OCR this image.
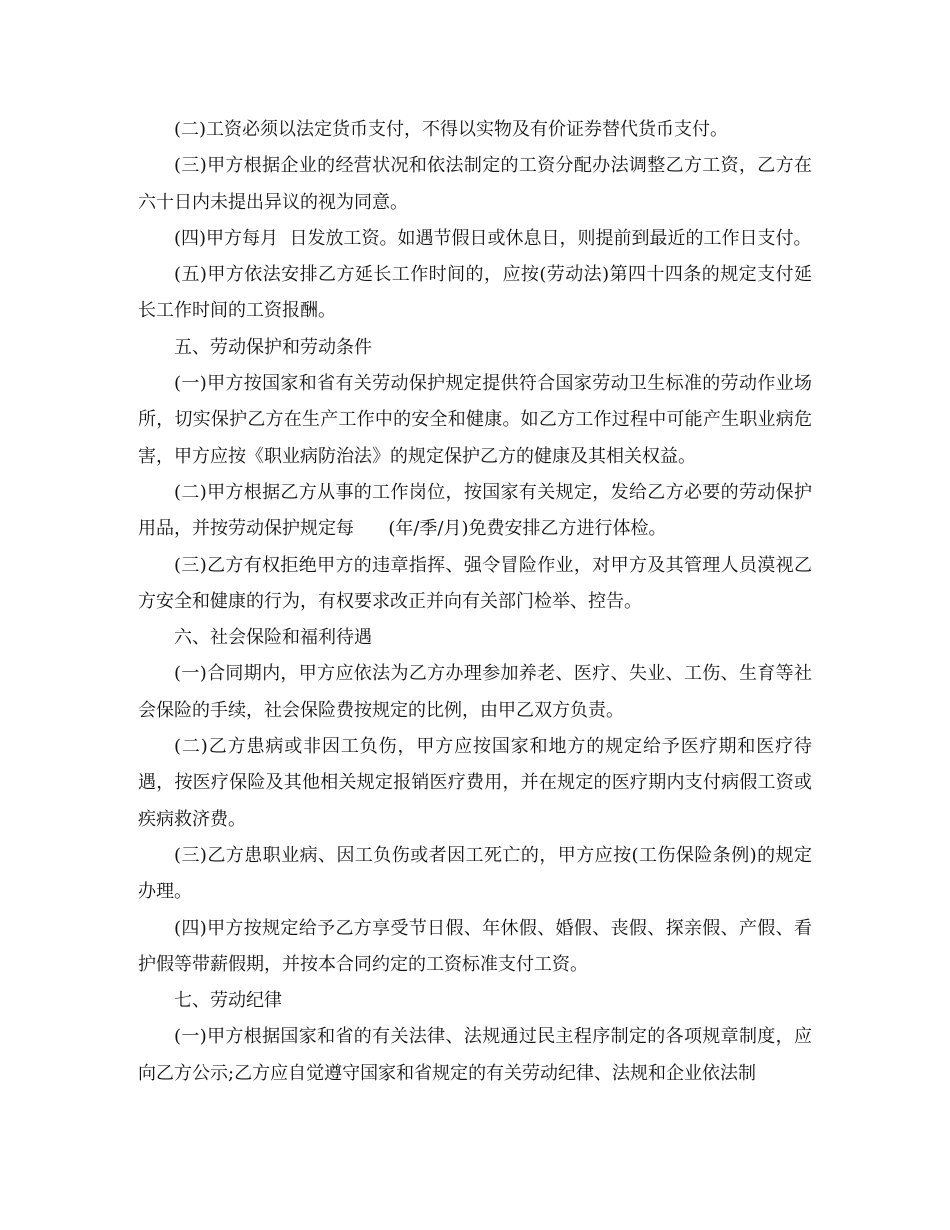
(二)工资必须以法定货币支付，不得以实物及有价证券替代货币支付。

(三)甲方根据企业的经营状况和依法制定的工资分配办法调整乙方工资，乙方在六十日内未提出异议的视为同意。

(四)甲方每月  日发放工资。如遇节假日或休息日，则提前到最近的工作日支付。

(五)甲方依法安排乙方延长工作时间的，应按(劳动法)第四十四条的规定支付延长工作时间的工资报酬。

五、劳动保护和劳动条件

(一)甲方按国家和省有关劳动保护规定提供符合国家劳动卫生标准的劳动作业场所，切实保护乙方在生产工作中的安全和健康。如乙方工作过程中可能产生职业病危害，甲方应按《职业病防治法》的规定保护乙方的健康及其相关权益。

(二)甲方根据乙方从事的工作岗位，按国家有关规定，发给乙方必要的劳动保护用品，并按劳动保护规定每      (年/季/月)免费安排乙方进行体检。

(三)乙方有权拒绝甲方的违章指挥、强令冒险作业，对甲方及其管理人员漠视乙方安全和健康的行为，有权要求改正并向有关部门检举、控告。

六、社会保险和福利待遇

(一)合同期内，甲方应依法为乙方办理参加养老、医疗、失业、工伤、生育等社会保险的手续，社会保险费按规定的比例，由甲乙双方负责。

(二)乙方患病或非因工负伤，甲方应按国家和地方的规定给予医疗期和医疗待遇，按医疗保险及其他相关规定报销医疗费用，并在规定的医疗期内支付病假工资或疾病救济费。

(三)乙方患职业病、因工负伤或者因工死亡的，甲方应按(工伤保险条例)的规定办理。

(四)甲方按规定给予乙方享受节日假、年休假、婚假、丧假、探亲假、产假、看护假等带薪假期，并按本合同约定的工资标准支付工资。

七、劳动纪律

(一)甲方根据国家和省的有关法律、法规通过民主程序制定的各项规章制度，应向乙方公示;乙方应自觉遵守国家和省规定的有关劳动纪律、法规和企业依法制
